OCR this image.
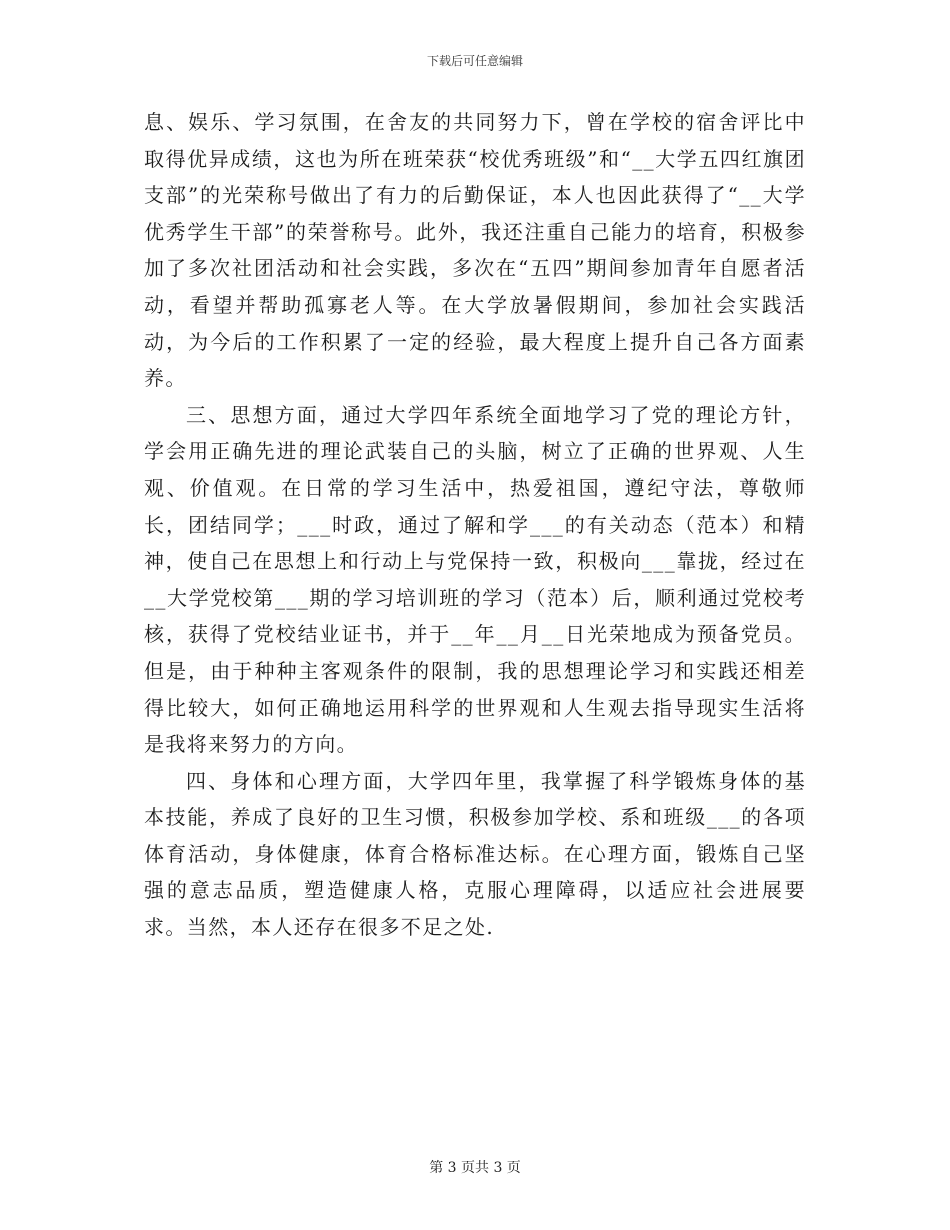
下载后可任意编辑

息、娱乐、学习氛围，在舍友的共同努力下，曾在学校的宿舍评比中取得优异成绩，这也为所在班荣获“校优秀班级”和“__大学五四红旗团支部”的光荣称号做出了有力的后勤保证，本人也因此获得了“__大学优秀学生干部”的荣誉称号。此外，我还注重自己能力的培育，积极参加了多次社团活动和社会实践，多次在“五四”期间参加青年自愿者活动，看望并帮助孤寡老人等。在大学放暑假期间，参加社会实践活动，为今后的工作积累了一定的经验，最大程度上提升自己各方面素养。

三、思想方面，通过大学四年系统全面地学习了党的理论方针，学会用正确先进的理论武装自己的头脑，树立了正确的世界观、人生观、价值观。在日常的学习生活中，热爱祖国，遵纪守法，尊敬师长，团结同学；___时政，通过了解和学___的有关动态（范本）和精神，使自己在思想上和行动上与党保持一致，积极向___靠拢，经过在__大学党校第___期的学习培训班的学习（范本）后，顺利通过党校考核，获得了党校结业证书，并于__年__月__日光荣地成为预备党员。但是，由于种种主客观条件的限制，我的思想理论学习和实践还相差得比较大，如何正确地运用科学的世界观和人生观去指导现实生活将是我将来努力的方向。

四、身体和心理方面，大学四年里，我掌握了科学锻炼身体的基本技能，养成了良好的卫生习惯，积极参加学校、系和班级___的各项体育活动，身体健康，体育合格标准达标。在心理方面，锻炼自己坚强的意志品质，塑造健康人格，克服心理障碍，以适应社会进展要求。当然，本人还存在很多不足之处.

第 3 页共 3 页
